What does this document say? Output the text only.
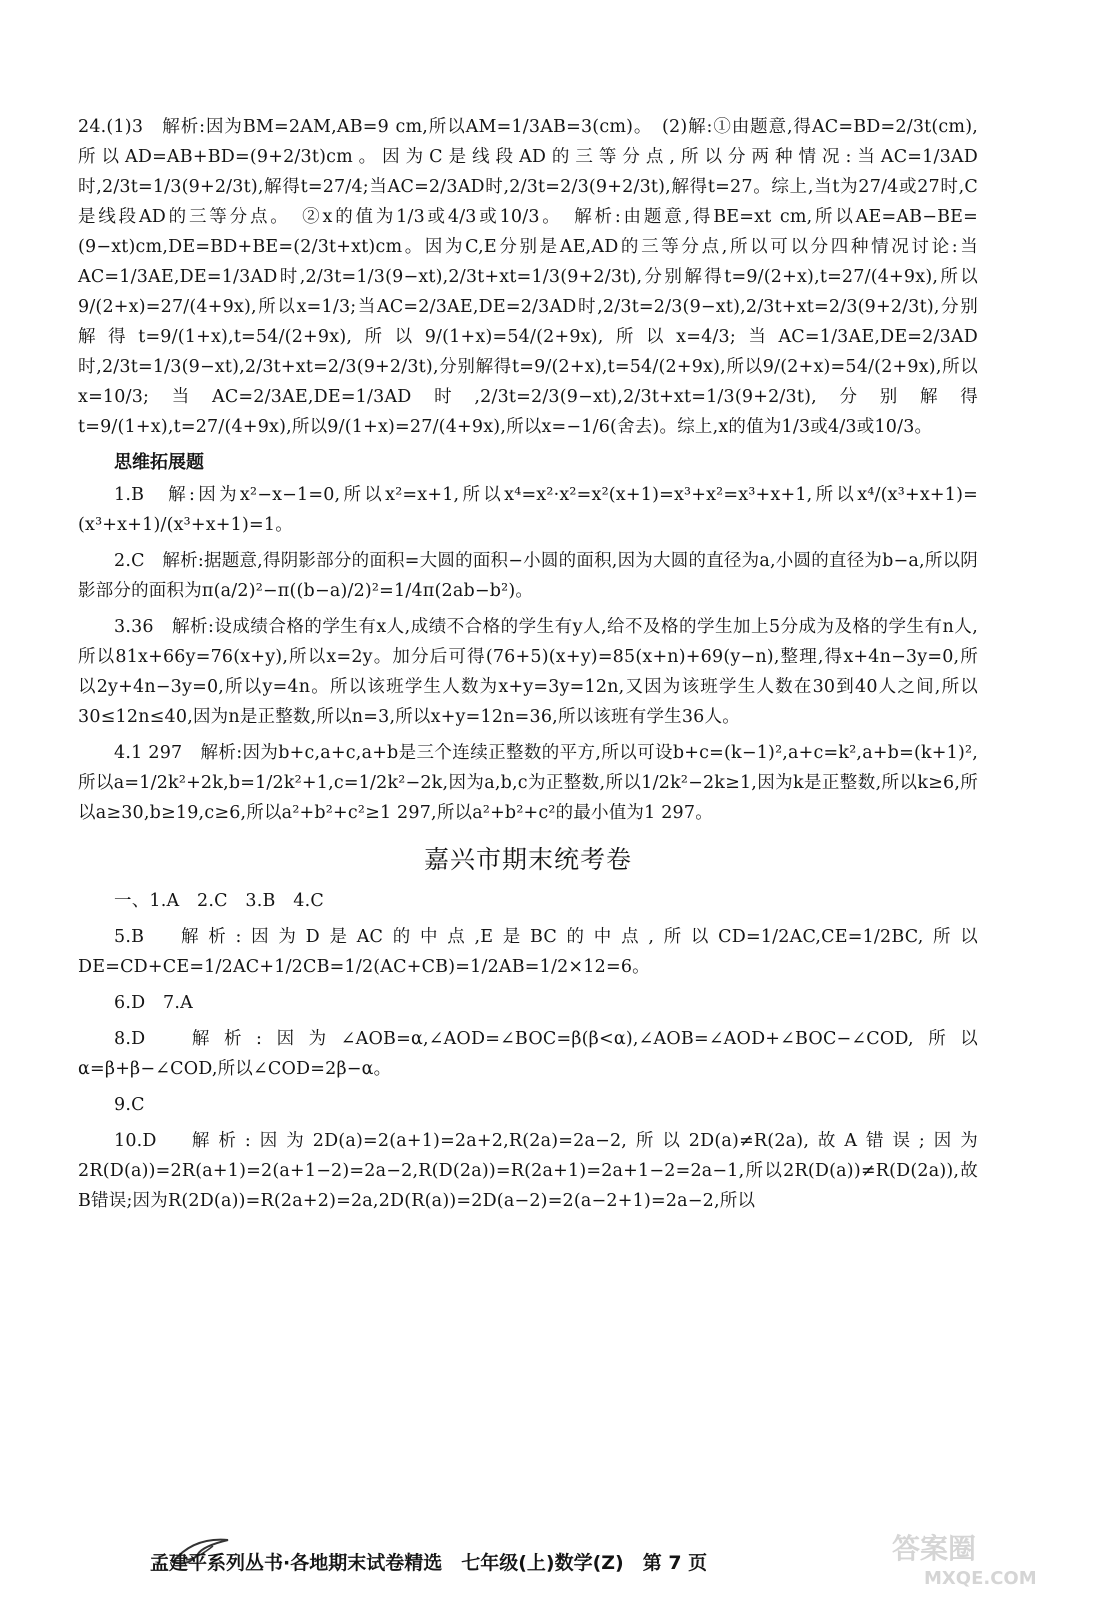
24.(1)3　解析:因为BM=2AM,AB=9 cm,所以AM=1/3AB=3(cm)。　(2)解:①由题意,得AC=BD=2/3t(cm),所以AD=AB+BD=(9+2/3t)cm。因为C是线段AD的三等分点,所以分两种情况:当AC=1/3AD时,2/3t=1/3(9+2/3t),解得t=27/4;当AC=2/3AD时,2/3t=2/3(9+2/3t),解得t=27。综上,当t为27/4或27时,C是线段AD的三等分点。　②x的值为1/3或4/3或10/3。　解析:由题意,得BE=xt cm,所以AE=AB−BE=(9−xt)cm,DE=BD+BE=(2/3t+xt)cm。因为C,E分别是AE,AD的三等分点,所以可以分四种情况讨论:当AC=1/3AE,DE=1/3AD时,2/3t=1/3(9−xt),2/3t+xt=1/3(9+2/3t),分别解得t=9/(2+x),t=27/(4+9x),所以9/(2+x)=27/(4+9x),所以x=1/3;当AC=2/3AE,DE=2/3AD时,2/3t=2/3(9−xt),2/3t+xt=2/3(9+2/3t),分别解得t=9/(1+x),t=54/(2+9x),所以9/(1+x)=54/(2+9x),所以x=4/3;当AC=1/3AE,DE=2/3AD时,2/3t=1/3(9−xt),2/3t+xt=2/3(9+2/3t),分别解得t=9/(2+x),t=54/(2+9x),所以9/(2+x)=54/(2+9x),所以x=10/3;当AC=2/3AE,DE=1/3AD时,2/3t=2/3(9−xt),2/3t+xt=1/3(9+2/3t),分别解得t=9/(1+x),t=27/(4+9x),所以9/(1+x)=27/(4+9x),所以x=−1/6(舍去)。综上,x的值为1/3或4/3或10/3。
思维拓展题
1.B　解:因为x²−x−1=0,所以x²=x+1,所以x⁴=x²·x²=x²(x+1)=x³+x²=x³+x+1,所以x⁴/(x³+x+1)=(x³+x+1)/(x³+x+1)=1。
2.C　解析:据题意,得阴影部分的面积=大圆的面积−小圆的面积,因为大圆的直径为a,小圆的直径为b−a,所以阴影部分的面积为π(a/2)²−π((b−a)/2)²=1/4π(2ab−b²)。
3.36　解析:设成绩合格的学生有x人,成绩不合格的学生有y人,给不及格的学生加上5分成为及格的学生有n人,所以81x+66y=76(x+y),所以x=2y。加分后可得(76+5)(x+y)=85(x+n)+69(y−n),整理,得x+4n−3y=0,所以2y+4n−3y=0,所以y=4n。所以该班学生人数为x+y=3y=12n,又因为该班学生人数在30到40人之间,所以30≤12n≤40,因为n是正整数,所以n=3,所以x+y=12n=36,所以该班有学生36人。
4.1 297　解析:因为b+c,a+c,a+b是三个连续正整数的平方,所以可设b+c=(k−1)²,a+c=k²,a+b=(k+1)²,所以a=1/2k²+2k,b=1/2k²+1,c=1/2k²−2k,因为a,b,c为正整数,所以1/2k²−2k≥1,因为k是正整数,所以k≥6,所以a≥30,b≥19,c≥6,所以a²+b²+c²≥1 297,所以a²+b²+c²的最小值为1 297。
嘉兴市期末统考卷
一、1.A　2.C　3.B　4.C
5.B　解析:因为D是AC的中点,E是BC的中点,所以CD=1/2AC,CE=1/2BC,所以DE=CD+CE=1/2AC+1/2CB=1/2(AC+CB)=1/2AB=1/2×12=6。
6.D　7.A
8.D　解析:因为∠AOB=α,∠AOD=∠BOC=β(β<α),∠AOB=∠AOD+∠BOC−∠COD,所以α=β+β−∠COD,所以∠COD=2β−α。
9.C
10.D　解析:因为2D(a)=2(a+1)=2a+2,R(2a)=2a−2,所以2D(a)≠R(2a),故A错误;因为2R(D(a))=2R(a+1)=2(a+1−2)=2a−2,R(D(2a))=R(2a+1)=2a+1−2=2a−1,所以2R(D(a))≠R(D(2a)),故B错误;因为R(2D(a))=R(2a+2)=2a,2D(R(a))=2D(a−2)=2(a−2+1)=2a−2,所以
孟建平系列丛书·各地期末试卷精选　七年级(上)数学(Z)　第 7 页	答案圈
MXQE.COM
